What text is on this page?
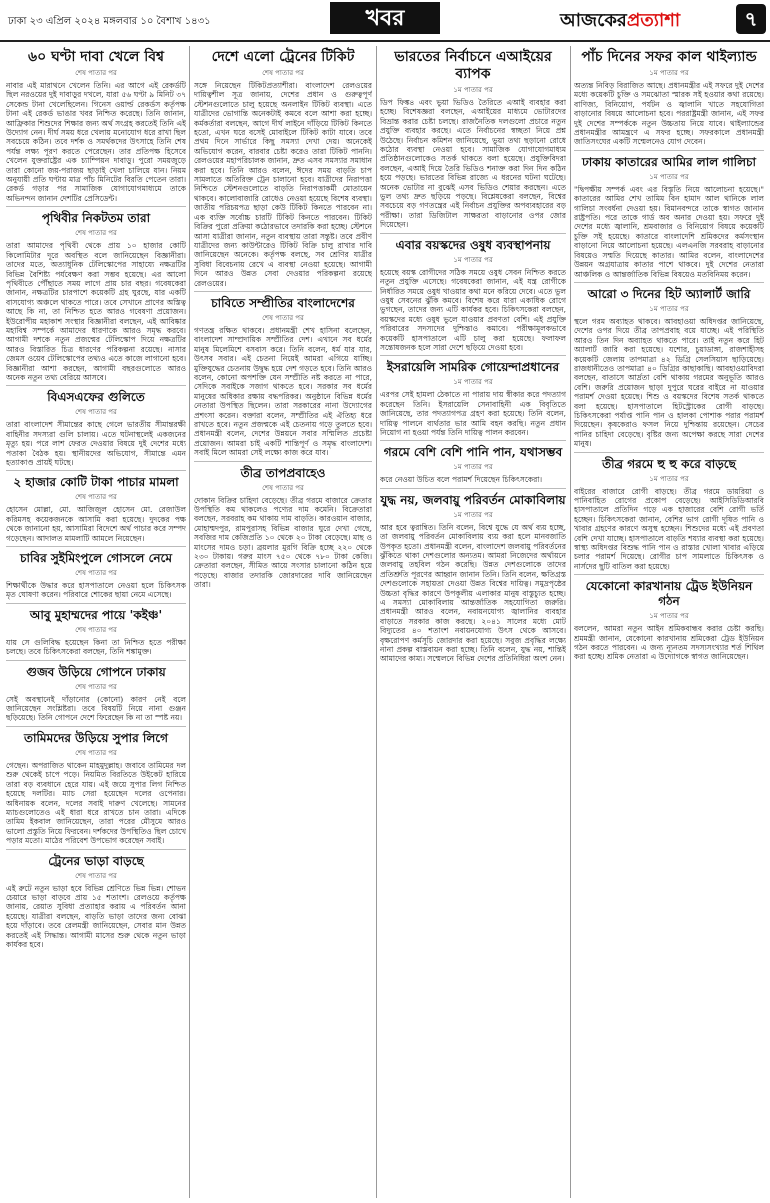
ঢাকা ২৩ এপ্রিল ২০২৪ মঙ্গলবার ১০ বৈশাখ ১৪৩১	খবর	আজকেরপ্রত্যাশা	৭
৬০ ঘণ্টা দাবা খেলে বিশ্ব
শেষ পাতার পর
নাবার এই মারাথনে খেলেন তিনি। এর আগে এই রেকর্ডটি ছিল নরওয়ের দুই দাবাড়ুর দখলে, যারা ৫৬ ঘণ্টা ৯ মিনিট ৩৭ সেকেন্ড টানা খেলেছিলেন। গিনেস ওয়ার্ল্ড রেকর্ডস কর্তৃপক্ষ টানা এই রেকর্ড ভাঙার খবর নিশ্চিত করেছে। তিনি জানান, আফ্রিকার শিশুদের শিক্ষার জন্য অর্থ সংগ্রহ করতেই তিনি এই উদ্যোগ নেন। দীর্ঘ সময় ধরে খেলায় মনোযোগ ধরে রাখা ছিল সবচেয়ে কঠিন। তবে দর্শক ও সমর্থকদের উৎসাহে তিনি শেষ পর্যন্ত লক্ষ্য পূরণ করতে পেরেছেন। তার প্রতিপক্ষ হিসেবে খেলেন যুক্তরাষ্ট্রের এক চ্যাম্পিয়ন দাবাড়ু। পুরো সময়জুড়ে তারা কোনো জয়-পরাজয় ছাড়াই খেলা চালিয়ে যান। নিয়ম অনুযায়ী প্রতি ঘণ্টায় মাত্র পাঁচ মিনিটের বিরতি পেতেন তারা। রেকর্ড গড়ার পর সামাজিক যোগাযোগমাধ্যমে তাকে অভিনন্দন জানান দেশটির প্রেসিডেন্ট।
পৃথিবীর নিকটতম তারা
শেষ পাতার পর
তারা আমাদের পৃথিবী থেকে প্রায় ১০ হাজার কোটি কিলোমিটার দূরে অবস্থিত বলে জানিয়েছেন বিজ্ঞানীরা। তাদের মতে, অত্যাধুনিক টেলিস্কোপের সাহায্যে নক্ষত্রটির বিভিন্ন বৈশিষ্ট্য পর্যবেক্ষণ করা সম্ভব হয়েছে। এর আলো পৃথিবীতে পৌঁছাতে সময় লাগে প্রায় চার বছর। গবেষকেরা জানান, নক্ষত্রটির চারপাশে কয়েকটি গ্রহ ঘুরছে, যার একটি বাসযোগ্য অঞ্চলে থাকতে পারে। তবে সেখানে প্রাণের অস্তিত্ব আছে কি না, তা নিশ্চিত হতে আরও গবেষণা প্রয়োজন। ইউরোপীয় মহাকাশ সংস্থার বিজ্ঞানীরা বলছেন, এই আবিষ্কার মহাবিশ্ব সম্পর্কে আমাদের ধারণাকে আরও সমৃদ্ধ করবে। আগামী দশকে নতুন প্রজন্মের টেলিস্কোপ দিয়ে নক্ষত্রটির আরও বিস্তারিত চিত্র ধারণের পরিকল্পনা রয়েছে। নাসার জেমস ওয়েব টেলিস্কোপের তথ্যও এতে কাজে লাগানো হবে। বিজ্ঞানীরা আশা করছেন, আগামী বছরগুলোতে আরও অনেক নতুন তথ্য বেরিয়ে আসবে।
বিএসএফের গুলিতে
শেষ পাতার পর
তারা বাংলাদেশ সীমান্তের কাছে গেলে ভারতীয় সীমান্তরক্ষী বাহিনীর সদস্যরা গুলি চালায়। এতে ঘটনাস্থলেই একজনের মৃত্যু হয়। পরে লাশ ফেরত দেওয়ার বিষয়ে দুই দেশের মধ্যে পতাকা বৈঠক হয়। স্থানীয়দের অভিযোগ, সীমান্তে এমন হত্যাকাণ্ড প্রায়ই ঘটছে।
২ হাজার কোটি টাকা পাচার মামলা
শেষ পাতার পর
হোসেন মোল্লা, মো. আজিজুল হোসেন মো. রেজাউল করিমসহ কয়েকজনকে আসামি করা হয়েছে। দুদকের পক্ষ থেকে জানানো হয়, আসামিরা বিদেশে অর্থ পাচার করে সম্পদ গড়েছেন। আদালত মামলাটি আমলে নিয়েছেন।
চাবির সুইমিংপুলে গোসলে নেমে
শেষ পাতার পর
শিক্ষার্থীকে উদ্ধার করে হাসপাতালে নেওয়া হলে চিকিৎসক মৃত ঘোষণা করেন। পরিবারে শোকের ছায়া নেমে এসেছে।
আবু মুহাম্মদের পায়ে 'কইঞ্চ'
শেষ পাতার পর
যায় সে গুলিবিদ্ধ হয়েছেন কিনা তা নিশ্চিত হতে পরীক্ষা চলছে। তবে চিকিৎসকেরা বলছেন, তিনি শঙ্কামুক্ত।
গুজব উড়িয়ে গোপনে ঢাকায়
শেষ পাতার পর
সেই অবস্থানেই দাঁড়ানোর (কোনো) কারণ নেই বলে জানিয়েছেন সংশ্লিষ্টরা। তবে বিষয়টি নিয়ে নানা গুঞ্জন ছড়িয়েছে। তিনি গোপনে দেশে ফিরেছেন কি না তা স্পষ্ট নয়।
তামিমদের উড়িয়ে সুপার লিগে
শেষ পাতার পর
গেছেন। অপরাজিত থাকেন মাহমুদুল্লাহ। জবাবে তামিমের দল শুরু থেকেই চাপে পড়ে। নিয়মিত বিরতিতে উইকেট হারিয়ে তারা বড় ব্যবধানে হেরে যায়। এই জয়ে সুপার লিগ নিশ্চিত হয়েছে দলটির। ম্যাচ সেরা হয়েছেন দলের ওপেনার। অধিনায়ক বলেন, দলের সবাই দারুণ খেলেছে। সামনের ম্যাচগুলোতেও এই ধারা ধরে রাখতে চান তারা। এদিকে তামিম ইকবাল জানিয়েছেন, তারা পরের মৌসুমে আরও ভালো প্রস্তুতি নিয়ে ফিরবেন। দর্শকদের উপস্থিতিও ছিল চোখে পড়ার মতো। মাঠের পরিবেশ উপভোগ করেছেন সবাই।
ট্রেনের ভাড়া বাড়ছে
শেষ পাতার পর
এই রুটে নতুন ভাড়া হবে বিভিন্ন শ্রেণিতে ভিন্ন ভিন্ন। শোভন চেয়ারে ভাড়া বাড়বে প্রায় ১৫ শতাংশ। রেলওয়ে কর্তৃপক্ষ জানায়, রেয়াত সুবিধা প্রত্যাহার করায় এ পরিবর্তন আনা হয়েছে। যাত্রীরা বলছেন, বাড়তি ভাড়া তাদের জন্য বোঝা হয়ে দাঁড়াবে। তবে রেলমন্ত্রী জানিয়েছেন, সেবার মান উন্নত করতেই এই সিদ্ধান্ত। আগামী মাসের শুরু থেকে নতুন ভাড়া কার্যকর হবে।
দেশে এলো ট্রেনের টিকিট
শেষ পাতার পর
সঙ্গে নিয়েছেন টিকিটপ্রত্যাশীরা। বাংলাদেশ রেলওয়ের দায়িত্বশীল সূত্র জানায়, দেশের প্রধান ও গুরুত্বপূর্ণ স্টেশনগুলোতে চালু হয়েছে অনলাইন টিকিট ব্যবস্থা। এতে যাত্রীদের ভোগান্তি অনেকটাই কমবে বলে আশা করা হচ্ছে। কর্মকর্তারা বলছেন, আগে দীর্ঘ লাইনে দাঁড়িয়ে টিকিট কিনতে হতো, এখন ঘরে বসেই মোবাইলে টিকিট কাটা যাবে। তবে প্রথম দিনে সার্ভারে কিছু সমস্যা দেখা দেয়। অনেকেই অভিযোগ করেন, বারবার চেষ্টা করেও তারা টিকিট পাননি। রেলওয়ের মহাপরিচালক জানান, দ্রুত এসব সমস্যার সমাধান করা হবে। তিনি আরও বলেন, ঈদের সময় বাড়তি চাপ সামলাতে অতিরিক্ত ট্রেন চালানো হবে। যাত্রীদের নিরাপত্তা নিশ্চিতে স্টেশনগুলোতে বাড়তি নিরাপত্তাকর্মী মোতায়েন থাকবে। কালোবাজারি রোধেও নেওয়া হয়েছে বিশেষ ব্যবস্থা। জাতীয় পরিচয়পত্র ছাড়া কেউ টিকিট কিনতে পারবেন না। এক ব্যক্তি সর্বোচ্চ চারটি টিকিট কিনতে পারবেন। টিকিট বিক্রির পুরো প্রক্রিয়া কঠোরভাবে তদারকি করা হচ্ছে। স্টেশনে আসা যাত্রীরা জানান, নতুন ব্যবস্থায় তারা সন্তুষ্ট। তবে প্রবীণ যাত্রীদের জন্য কাউন্টারেও টিকিট বিক্রি চালু রাখার দাবি জানিয়েছেন অনেকে। কর্তৃপক্ষ বলছে, সব শ্রেণির যাত্রীর সুবিধা বিবেচনায় রেখে এ ব্যবস্থা নেওয়া হয়েছে। আগামী দিনে আরও উন্নত সেবা দেওয়ার পরিকল্পনা রয়েছে রেলওয়ের।
চাবিতে সম্প্রীতির বাংলাদেশের
শেষ পাতার পর
গণতন্ত্র রক্ষিত থাকবে। প্রধানমন্ত্রী শেখ হাসিনা বলেছেন, বাংলাদেশ সাম্প্রদায়িক সম্প্রীতির দেশ। এখানে সব ধর্মের মানুষ মিলেমিশে বসবাস করে। তিনি বলেন, ধর্ম যার যার, উৎসব সবার। এই চেতনা নিয়েই আমরা এগিয়ে যাচ্ছি। মুক্তিযুদ্ধের চেতনায় উদ্বুদ্ধ হয়ে দেশ গড়তে হবে। তিনি আরও বলেন, কোনো অপশক্তি যেন সম্প্রীতি নষ্ট করতে না পারে, সেদিকে সবাইকে সজাগ থাকতে হবে। সরকার সব ধর্মের মানুষের অধিকার রক্ষায় বদ্ধপরিকর। অনুষ্ঠানে বিভিন্ন ধর্মের নেতারা উপস্থিত ছিলেন। তারা সরকারের নানা উদ্যোগের প্রশংসা করেন। বক্তারা বলেন, সম্প্রীতির এই ঐতিহ্য ধরে রাখতে হবে। নতুন প্রজন্মকে এই চেতনায় গড়ে তুলতে হবে। প্রধানমন্ত্রী বলেন, দেশের উন্নয়নে সবার সম্মিলিত প্রচেষ্টা প্রয়োজন। আমরা চাই একটি শান্তিপূর্ণ ও সমৃদ্ধ বাংলাদেশ। সবাই মিলে আমরা সেই লক্ষ্যে কাজ করে যাব।
তীব্র তাপপ্রবাহেও
শেষ পাতার পর
দোকান বিক্রির চাহিদা বেড়েছে। তীব্র গরমে বাজারে ক্রেতার উপস্থিতি কম থাকলেও পণ্যের দাম কমেনি। বিক্রেতারা বলছেন, সরবরাহ কম থাকায় দাম বাড়তি। কারওয়ান বাজার, মোহাম্মদপুর, রামপুরাসহ বিভিন্ন বাজার ঘুরে দেখা গেছে, সবজির দাম কেজিপ্রতি ১০ থেকে ২০ টাকা বেড়েছে। মাছ ও মাংসের দামও চড়া। ব্রয়লার মুরগি বিক্রি হচ্ছে ২২০ থেকে ২৩০ টাকায়। গরুর মাংস ৭৫০ থেকে ৭৮০ টাকা কেজি। ক্রেতারা বলছেন, সীমিত আয়ে সংসার চালানো কঠিন হয়ে পড়েছে। বাজার তদারকি জোরদারের দাবি জানিয়েছেন তারা।
ভারতের নির্বাচনে এআইয়ের ব্যাপক
১ম পাতার পর
ডিপ ফিঙ্ক৪ এবং ভুয়া ভিডিও তৈরিতে এআই ব্যবহার করা হচ্ছে। বিশেষজ্ঞরা বলছেন, এআইয়ের মাধ্যমে ভোটারদের বিভ্রান্ত করার চেষ্টা চলছে। রাজনৈতিক দলগুলো প্রচারে নতুন প্রযুক্তি ব্যবহার করছে। এতে নির্বাচনের স্বচ্ছতা নিয়ে প্রশ্ন উঠেছে। নির্বাচন কমিশন জানিয়েছে, ভুয়া তথ্য ছড়ানো রোধে কঠোর ব্যবস্থা নেওয়া হবে। সামাজিক যোগাযোগমাধ্যম প্রতিষ্ঠানগুলোকেও সতর্ক থাকতে বলা হয়েছে। প্রযুক্তিবিদরা বলছেন, এআই দিয়ে তৈরি ভিডিও শনাক্ত করা দিন দিন কঠিন হয়ে পড়ছে। ভারতের বিভিন্ন রাজ্যে এ ধরনের ঘটনা ঘটেছে। অনেক ভোটার না বুঝেই এসব ভিডিও শেয়ার করছেন। এতে ভুল তথ্য দ্রুত ছড়িয়ে পড়ছে। বিশ্লেষকেরা বলছেন, বিশ্বের সবচেয়ে বড় গণতন্ত্রের এই নির্বাচন প্রযুক্তির অপব্যবহারের বড় পরীক্ষা। তারা ডিজিটাল সাক্ষরতা বাড়ানোর ওপর জোর দিয়েছেন।
এবার বয়স্কদের ওষুধ ব্যবস্থাপনায়
১ম পাতার পর
হয়েছে বয়স্ক রোগীদের সঠিক সময়ে ওষুধ সেবন নিশ্চিত করতে নতুন প্রযুক্তি এসেছে। গবেষকেরা জানান, এই যন্ত্র রোগীকে নির্ধারিত সময়ে ওষুধ খাওয়ার কথা মনে করিয়ে দেবে। এতে ভুল ওষুধ সেবনের ঝুঁকি কমবে। বিশেষ করে যারা একাধিক রোগে ভুগছেন, তাদের জন্য এটি কার্যকর হবে। চিকিৎসকেরা বলছেন, বয়স্কদের মধ্যে ওষুধ ভুলে যাওয়ার প্রবণতা বেশি। এই প্রযুক্তি পরিবারের সদস্যদের দুশ্চিন্তাও কমাবে। পরীক্ষামূলকভাবে কয়েকটি হাসপাতালে এটি চালু করা হয়েছে। ফলাফল সন্তোষজনক হলে সারা দেশে ছড়িয়ে দেওয়া হবে।
ইসরায়েলি সামরিক গোয়েন্দাপ্রধানের
১ম পাতার পর
এরপর সেই হামলা ঠেকাতে না পারায় দায় স্বীকার করে পদত্যাগ করেছেন তিনি। ইসরায়েলি সেনাবাহিনী এক বিবৃতিতে জানিয়েছে, তার পদত্যাগপত্র গ্রহণ করা হয়েছে। তিনি বলেন, দায়িত্ব পালনে ব্যর্থতার ভার আমি বহন করছি। নতুন প্রধান নিয়োগ না হওয়া পর্যন্ত তিনি দায়িত্ব পালন করবেন।
গরমে বেশি বেশি পানি পান, যথাসম্ভব
১ম পাতার পর
করে নেওয়া উচিত বলে পরামর্শ দিয়েছেন চিকিৎসকেরা।
যুদ্ধ নয়, জলবায়ু পরিবর্তন মোকাবিলায়
১ম পাতার পর
আর হবে ত্বরান্বিত। তিনি বলেন, বিশ্বে যুদ্ধে যে অর্থ ব্যয় হচ্ছে, তা জলবায়ু পরিবর্তন মোকাবিলায় ব্যয় করা হলে মানবজাতি উপকৃত হতো। প্রধানমন্ত্রী বলেন, বাংলাদেশ জলবায়ু পরিবর্তনের ঝুঁকিতে থাকা দেশগুলোর অন্যতম। আমরা নিজেদের অর্থায়নে জলবায়ু তহবিল গঠন করেছি। উন্নত দেশগুলোকে তাদের প্রতিশ্রুতি পূরণের আহ্বান জানান তিনি। তিনি বলেন, ক্ষতিগ্রস্ত দেশগুলোকে সহায়তা দেওয়া উন্নত বিশ্বের দায়িত্ব। সমুদ্রপৃষ্ঠের উচ্চতা বৃদ্ধির কারণে উপকূলীয় এলাকার মানুষ বাস্তুচ্যুত হচ্ছে। এ সমস্যা মোকাবিলায় আন্তর্জাতিক সহযোগিতা জরুরি। প্রধানমন্ত্রী আরও বলেন, নবায়নযোগ্য জ্বালানির ব্যবহার বাড়াতে সরকার কাজ করছে। ২০৪১ সালের মধ্যে মোট বিদ্যুতের ৪০ শতাংশ নবায়নযোগ্য উৎস থেকে আসবে। বৃক্ষরোপণ কর্মসূচি জোরদার করা হয়েছে। সবুজ প্রবৃদ্ধির লক্ষ্যে নানা প্রকল্প বাস্তবায়ন করা হচ্ছে। তিনি বলেন, যুদ্ধ নয়, শান্তিই আমাদের কাম্য। সম্মেলনে বিভিন্ন দেশের প্রতিনিধিরা অংশ নেন।
পাঁচ দিনের সফর কাল থাইল্যান্ড
১ম পাতার পর
অত্যন্ত নিবিড় বিরাজিত আছে। প্রধানমন্ত্রীর এই সফরে দুই দেশের মধ্যে কয়েকটি চুক্তি ও সমঝোতা স্মারক সই হওয়ার কথা রয়েছে। বাণিজ্য, বিনিয়োগ, পর্যটন ও জ্বালানি খাতে সহযোগিতা বাড়ানোর বিষয়ে আলোচনা হবে। পররাষ্ট্রমন্ত্রী জানান, এই সফর দুই দেশের সম্পর্ককে নতুন উচ্চতায় নিয়ে যাবে। থাইল্যান্ডের প্রধানমন্ত্রীর আমন্ত্রণে এ সফর হচ্ছে। সফরকালে প্রধানমন্ত্রী জাতিসংঘের একটি সম্মেলনেও যোগ দেবেন।
ঢাকায় কাতারের আমির লাল গালিচা
১ম পাতার পর
"দ্বিপক্ষীয় সম্পর্ক এবং এর বিস্তৃতি নিয়ে আলোচনা হয়েছে।" কাতারের আমির শেখ তামিম বিন হামাদ আল থানিকে লাল গালিচা সংবর্ধনা দেওয়া হয়। বিমানবন্দরে তাকে স্বাগত জানান রাষ্ট্রপতি। পরে তাকে গার্ড অব অনার দেওয়া হয়। সফরে দুই দেশের মধ্যে জ্বালানি, শ্রমবাজার ও বিনিয়োগ বিষয়ে কয়েকটি চুক্তি সই হয়েছে। কাতারে বাংলাদেশি শ্রমিকদের কর্মসংস্থান বাড়ানো নিয়ে আলোচনা হয়েছে। এলএনজি সরবরাহ বাড়ানোর বিষয়েও সম্মতি দিয়েছে কাতার। আমির বলেন, বাংলাদেশের উন্নয়ন অগ্রযাত্রায় কাতার পাশে থাকবে। দুই দেশের নেতারা আঞ্চলিক ও আন্তর্জাতিক বিভিন্ন বিষয়েও মতবিনিময় করেন।
আরো ৩ দিনের হিট অ্যালার্ট জারি
১ম পাতার পর
স্থলে গরম অব্যাহত থাকবে। আবহাওয়া অধিদপ্তর জানিয়েছে, দেশের ওপর দিয়ে তীব্র তাপপ্রবাহ বয়ে যাচ্ছে। এই পরিস্থিতি আরও তিন দিন অব্যাহত থাকতে পারে। তাই নতুন করে হিট অ্যালার্ট জারি করা হয়েছে। যশোর, চুয়াডাঙ্গা, রাজশাহীসহ কয়েকটি জেলায় তাপমাত্রা ৪২ ডিগ্রি সেলসিয়াস ছাড়িয়েছে। রাজধানীতেও তাপমাত্রা ৪০ ডিগ্রির কাছাকাছি। আবহাওয়াবিদরা বলছেন, বাতাসে আর্দ্রতা বেশি থাকায় গরমের অনুভূতি আরও বেশি। জরুরি প্রয়োজন ছাড়া দুপুরে ঘরের বাইরে না যাওয়ার পরামর্শ দেওয়া হয়েছে। শিশু ও বয়স্কদের বিশেষ সতর্ক থাকতে বলা হয়েছে। হাসপাতালে হিটস্ট্রোকের রোগী বাড়ছে। চিকিৎসকেরা পর্যাপ্ত পানি পান ও হালকা পোশাক পরার পরামর্শ দিয়েছেন। কৃষকেরাও ফসল নিয়ে দুশ্চিন্তায় রয়েছেন। সেচের পানির চাহিদা বেড়েছে। বৃষ্টির জন্য অপেক্ষা করছে সারা দেশের মানুষ।
তীব্র গরমে হু হু করে বাড়ছে
১ম পাতার পর
বাইরের বাজারে রোগী বাড়ছে। তীব্র গরমে ডায়রিয়া ও পানিবাহিত রোগের প্রকোপ বেড়েছে। আইসিডিডিআরবি হাসপাতালে প্রতিদিন গড়ে এক হাজারের বেশি রোগী ভর্তি হচ্ছেন। চিকিৎসকেরা জানান, বেশির ভাগ রোগী দূষিত পানি ও খাবার গ্রহণের কারণে অসুস্থ হচ্ছেন। শিশুদের মধ্যে এই প্রবণতা বেশি দেখা যাচ্ছে। হাসপাতালে বাড়তি শয্যার ব্যবস্থা করা হয়েছে। স্বাস্থ্য অধিদপ্তর বিশুদ্ধ পানি পান ও রাস্তার খোলা খাবার এড়িয়ে চলার পরামর্শ দিয়েছে। রোগীর চাপ সামলাতে চিকিৎসক ও নার্সদের ছুটি বাতিল করা হয়েছে।
যেকোনো কারখানায় ট্রেড ইউনিয়ন গঠন
১ম পাতার পর
বললেন, আমরা নতুন আইন শ্রমিকবান্ধব করার চেষ্টা করছি। শ্রমমন্ত্রী জানান, যেকোনো কারখানায় শ্রমিকেরা ট্রেড ইউনিয়ন গঠন করতে পারবেন। এ জন্য ন্যূনতম সদস্যসংখ্যার শর্ত শিথিল করা হচ্ছে। শ্রমিক নেতারা এ উদ্যোগকে স্বাগত জানিয়েছেন।
